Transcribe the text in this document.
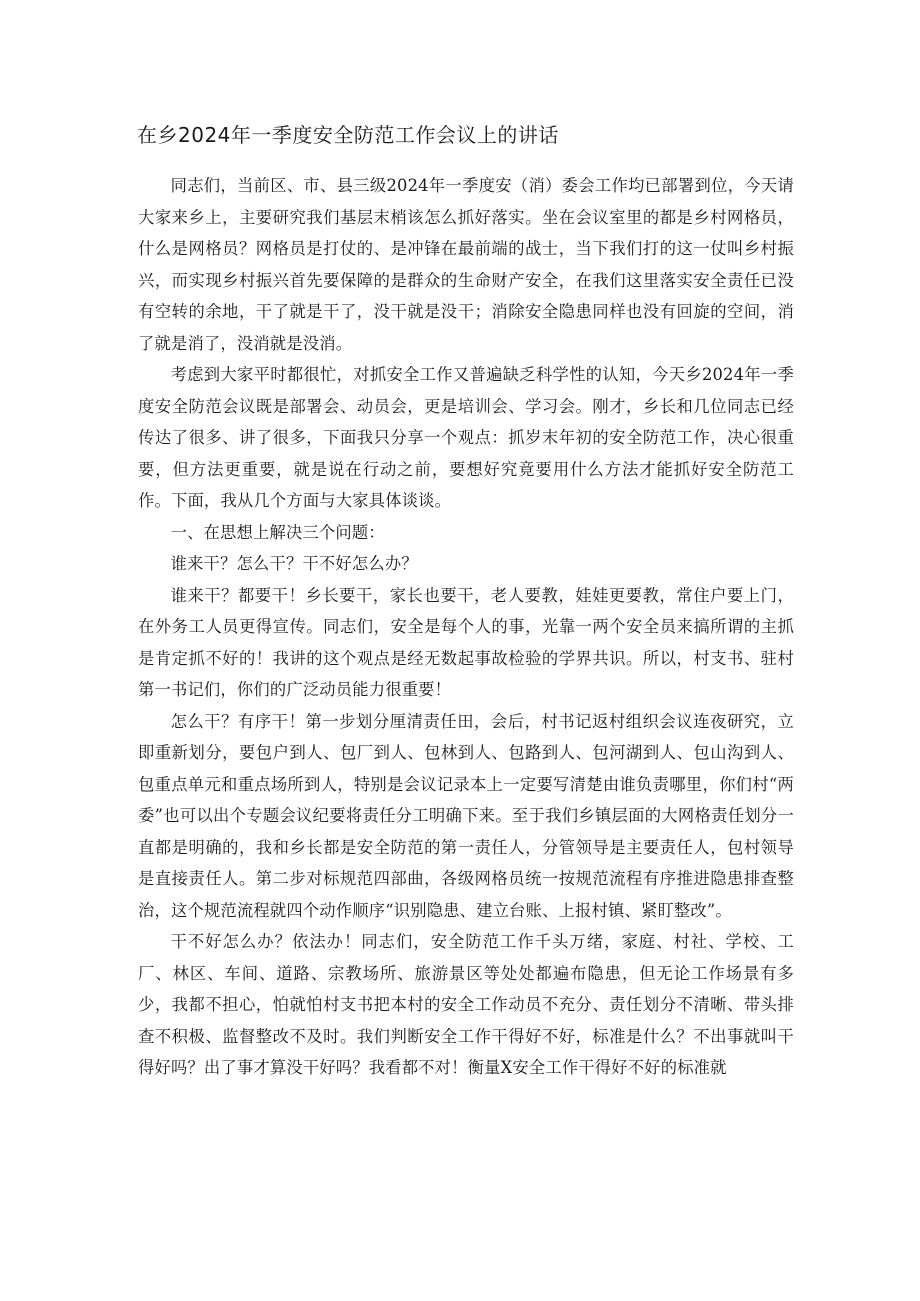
在乡2024年一季度安全防范工作会议上的讲话

同志们，当前区、市、县三级2024年一季度安（消）委会工作均已部署到位，今天请大家来乡上，主要研究我们基层末梢该怎么抓好落实。坐在会议室里的都是乡村网格员，什么是网格员？网格员是打仗的、是冲锋在最前端的战士，当下我们打的这一仗叫乡村振兴，而实现乡村振兴首先要保障的是群众的生命财产安全，在我们这里落实安全责任已没有空转的余地，干了就是干了，没干就是没干；消除安全隐患同样也没有回旋的空间，消了就是消了，没消就是没消。

考虑到大家平时都很忙，对抓安全工作又普遍缺乏科学性的认知，今天乡2024年一季度安全防范会议既是部署会、动员会，更是培训会、学习会。刚才，乡长和几位同志已经传达了很多、讲了很多，下面我只分享一个观点：抓岁末年初的安全防范工作，决心很重要，但方法更重要，就是说在行动之前，要想好究竟要用什么方法才能抓好安全防范工作。下面，我从几个方面与大家具体谈谈。

一、在思想上解决三个问题：

谁来干？怎么干？干不好怎么办？

谁来干？都要干！乡长要干，家长也要干，老人要教，娃娃更要教，常住户要上门，在外务工人员更得宣传。同志们，安全是每个人的事，光靠一两个安全员来搞所谓的主抓是肯定抓不好的！我讲的这个观点是经无数起事故检验的学界共识。所以，村支书、驻村第一书记们，你们的广泛动员能力很重要！

怎么干？有序干！第一步划分厘清责任田，会后，村书记返村组织会议连夜研究，立即重新划分，要包户到人、包厂到人、包林到人、包路到人、包河湖到人、包山沟到人、包重点单元和重点场所到人，特别是会议记录本上一定要写清楚由谁负责哪里，你们村“两委”也可以出个专题会议纪要将责任分工明确下来。至于我们乡镇层面的大网格责任划分一直都是明确的，我和乡长都是安全防范的第一责任人，分管领导是主要责任人，包村领导是直接责任人。第二步对标规范四部曲，各级网格员统一按规范流程有序推进隐患排查整治，这个规范流程就四个动作顺序“识别隐患、建立台账、上报村镇、紧盯整改”。

干不好怎么办？依法办！同志们，安全防范工作千头万绪，家庭、村社、学校、工厂、林区、车间、道路、宗教场所、旅游景区等处处都遍布隐患，但无论工作场景有多少，我都不担心，怕就怕村支书把本村的安全工作动员不充分、责任划分不清晰、带头排查不积极、监督整改不及时。我们判断安全工作干得好不好，标准是什么？不出事就叫干得好吗？出了事才算没干好吗？我看都不对！衡量X安全工作干得好不好的标准就
